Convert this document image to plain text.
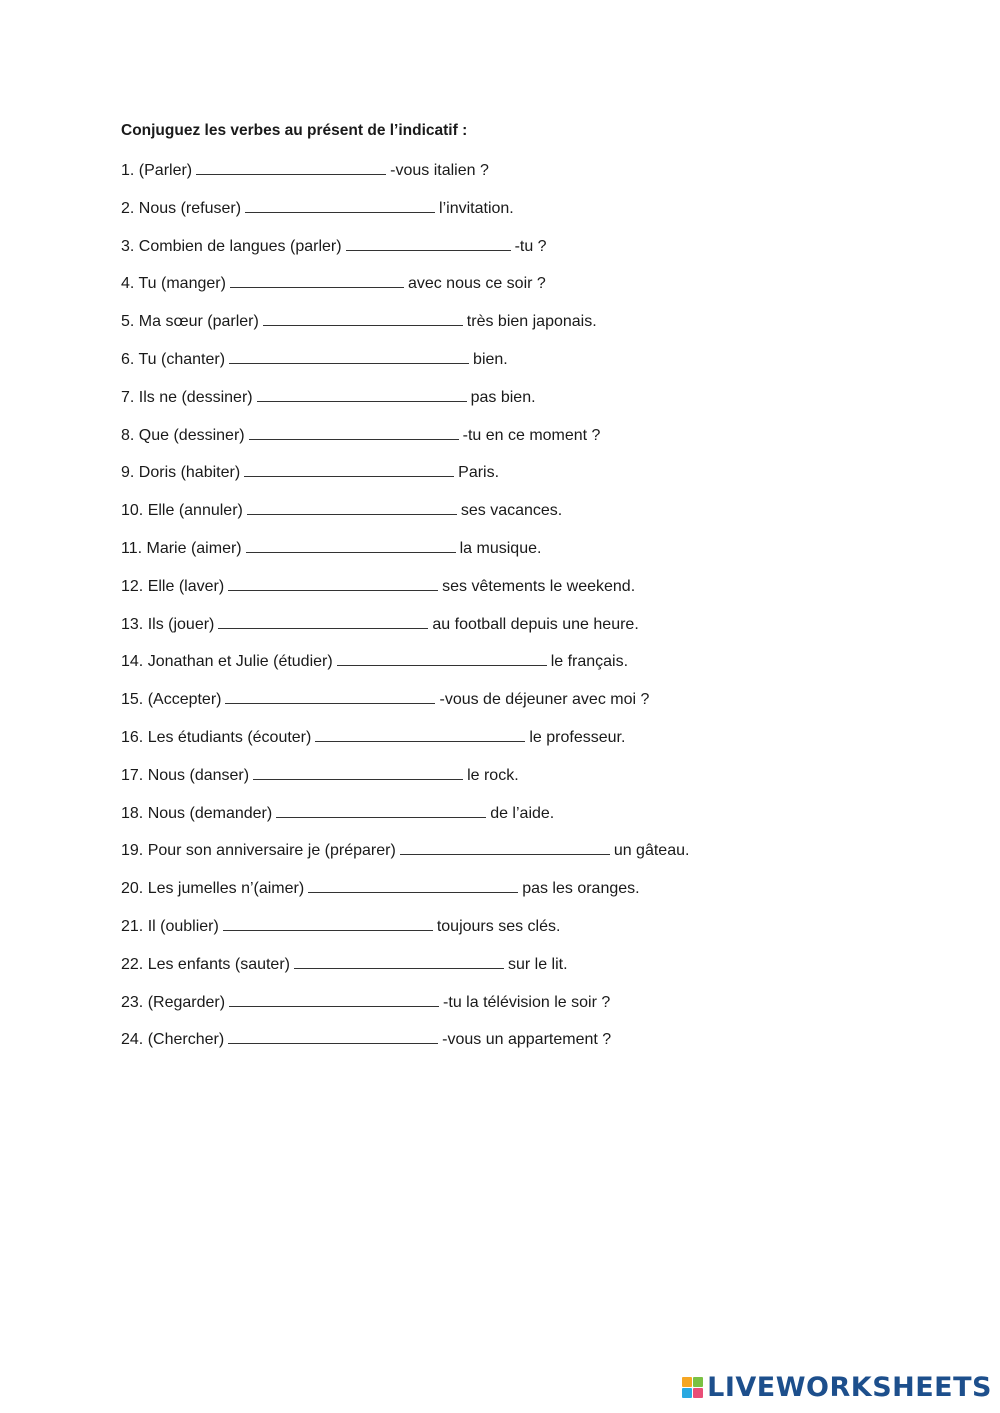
Conjuguez les verbes au présent de l’indicatif :
1. (Parler)	-vous italien ?
2. Nous (refuser)	l’invitation.
3. Combien de langues (parler)	-tu ?
4. Tu (manger)	avec nous ce soir ?
5. Ma sœur (parler)	très bien japonais.
6. Tu (chanter)	bien.
7. Ils ne (dessiner)	pas bien.
8. Que (dessiner)	-tu en ce moment ?
9. Doris (habiter)	Paris.
10. Elle (annuler)	ses vacances.
11. Marie (aimer)	la musique.
12. Elle (laver)	ses vêtements le weekend.
13. Ils (jouer)	au football depuis une heure.
14. Jonathan et Julie (étudier)	le français.
15. (Accepter)	-vous de déjeuner avec moi ?
16. Les étudiants (écouter)	le professeur.
17. Nous (danser)	le rock.
18. Nous (demander)	de l’aide.
19. Pour son anniversaire je (préparer)	un gâteau.
20. Les jumelles n’(aimer)	pas les oranges.
21. Il (oublier)	toujours ses clés.
22. Les enfants (sauter)	sur le lit.
23. (Regarder)	-tu la télévision le soir ?
24. (Chercher)	-vous un appartement ?
LIVEWORKSHEETS
